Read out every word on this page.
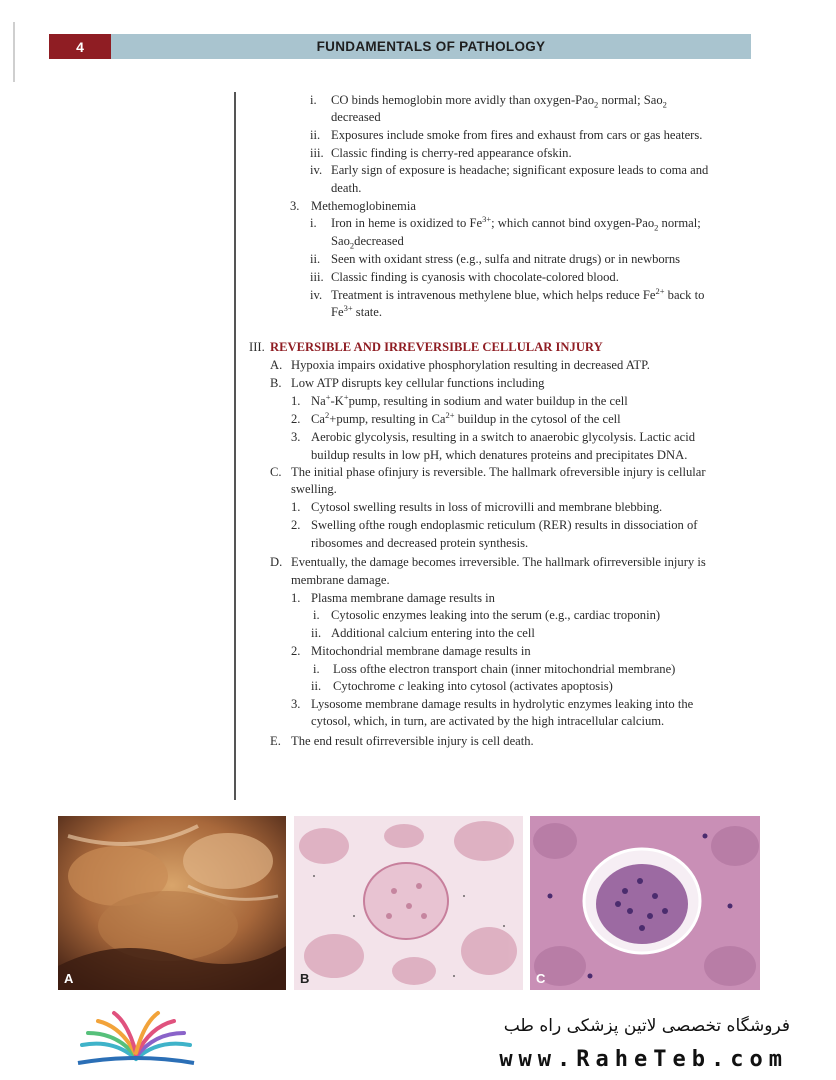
4	FUNDAMENTALS OF PATHOLOGY
i. CO binds hemoglobin more avidly than oxygen-Pao$_2$ normal; Sao$_2$
decreased
ii. Exposures include smoke from fires and exhaust from cars or gas heaters.
iii. Classic finding is cherry-red appearance ofskin.
iv. Early sign of exposure is headache; significant exposure leads to coma and
death.
3. Methemoglobinemia
i. Iron in heme is oxidized to $Fe^{3+}$; which cannot bind oxygen-Pao$_2$ normal;
Sao$_2$decreased
ii. Seen with oxidant stress (e.g., sulfa and nitrate drugs) or in newborns
iii. Classic finding is cyanosis with chocolate-colored blood.
iv. Treatment is intravenous methylene blue, which helps reduce $Fe^{2+}$ back to
$Fe^{3+}$ state.
III. REVERSIBLE AND IRREVERSIBLE CELLULAR INJURY
A. Hypoxia impairs oxidative phosphorylation resulting in decreased ATP.
B. Low ATP disrupts key cellular functions including
1. Na+-K+pump, resulting in sodium and water buildup in the cell
2. $Ca^2+pump$, resulting in $Ca^{2+}$ buildup in the cytosol of the cell
3. Aerobic glycolysis, resulting in a switch to anaerobic glycolysis. Lactic acid
buildup results in low pH, which denatures proteins and precipitates DNA.
C. The initial phase ofinjury is reversible. The hallmark ofreversible injury is cellular
swelling.
1. Cytosol swelling results in loss of microvilli and membrane blebbing.
2. Swelling ofthe rough endoplasmic reticulum (RER) results in dissociation of
ribosomes and decreased protein synthesis.
D. Eventually, the damage becomes irreversible. The hallmark ofirreversible injury is
membrane damage.
1. Plasma membrane damage results in
i. Cytosolic enzymes leaking into the serum (e.g., cardiac troponin)
ii. Additional calcium entering into the cell
2. Mitochondrial membrane damage results in
i. Loss ofthe electron transport chain (inner mitochondrial membrane)
ii. Cytochrome c leaking into cytosol (activates apoptosis)
3. Lysosome membrane damage results in hydrolytic enzymes leaking into the
cytosol, which, in turn, are activated by the high intracellular calcium.
E. The end result ofirreversible injury is cell death.
A	B	C
فروشگاه تخصصی لاتین پزشکی راه طب
www.RaheTeb.com
